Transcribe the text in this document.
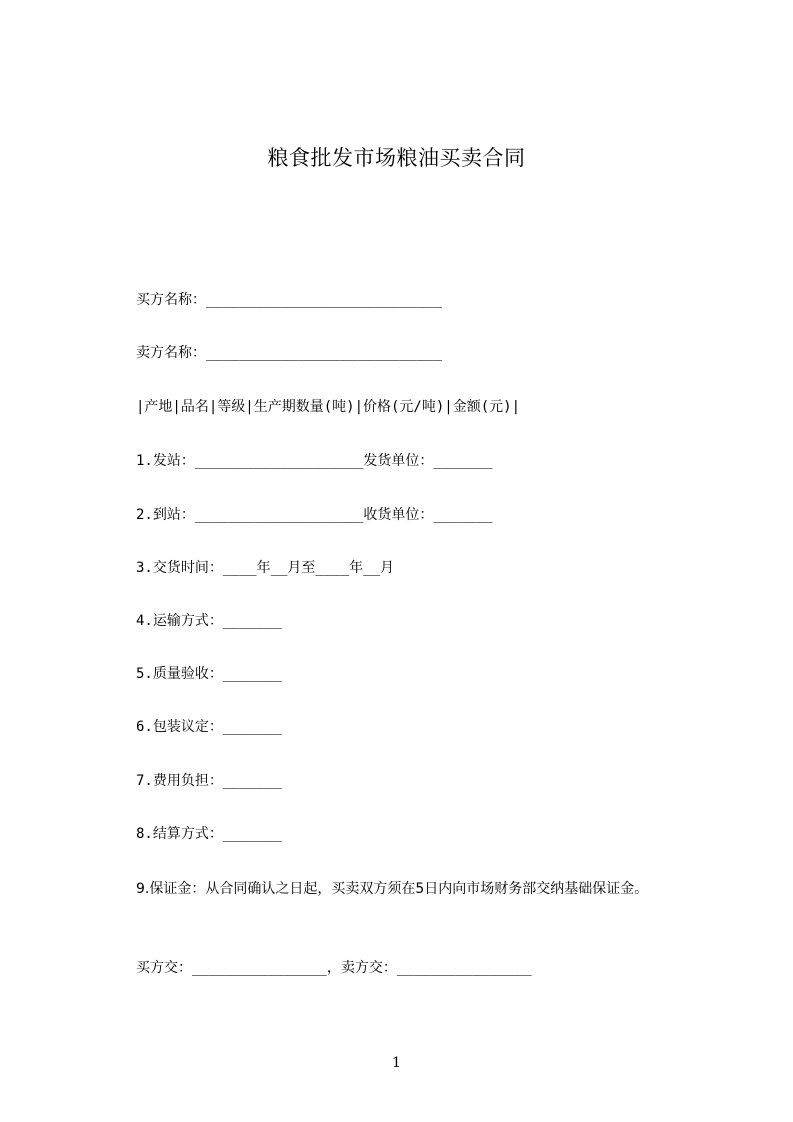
粮食批发市场粮油买卖合同
买方名称：____________________________
卖方名称：____________________________
|产地|品名|等级|生产期数量(吨)|价格(元/吨)|金额(元)|
1.发站：____________________发货单位：_______
2.到站：____________________收货单位：_______
3.交货时间：____年__月至____年__月
4.运输方式：_______
5.质量验收：_______
6.包装议定：_______
7.费用负担：_______
8.结算方式：_______
9.保证金：从合同确认之日起，买卖双方须在5日内向市场财务部交纳基础保证金。
买方交：________________，卖方交：________________
1
